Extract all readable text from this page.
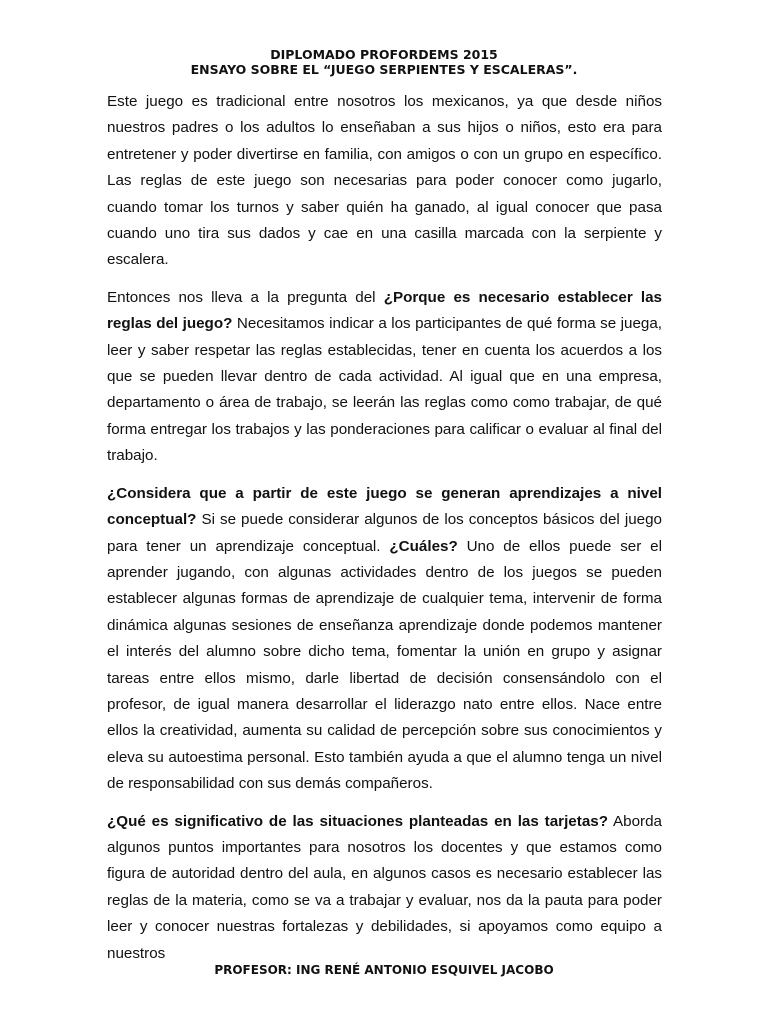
DIPLOMADO PROFORDEMS 2015
ENSAYO SOBRE EL “JUEGO SERPIENTES Y ESCALERAS”.

Este juego es tradicional entre nosotros los mexicanos, ya que desde niños nuestros padres o los adultos lo enseñaban a sus hijos o niños, esto era para entretener y poder divertirse en familia, con amigos o con un grupo en específico. Las reglas de este juego son necesarias para poder conocer como jugarlo, cuando tomar los turnos y saber quién ha ganado, al igual conocer que pasa cuando uno tira sus dados y cae en una casilla marcada con la serpiente y escalera.

Entonces nos lleva a la pregunta del ¿Porque es necesario establecer las reglas del juego? Necesitamos indicar a los participantes de qué forma se juega, leer y saber respetar las reglas establecidas, tener en cuenta los acuerdos a los que se pueden llevar dentro de cada actividad. Al igual que en una empresa, departamento o área de trabajo, se leerán las reglas como como trabajar, de qué forma entregar los trabajos y las ponderaciones para calificar o evaluar al final del trabajo.

¿Considera que a partir de este juego se generan aprendizajes a nivel conceptual? Si se puede considerar algunos de los conceptos básicos del juego para tener un aprendizaje conceptual. ¿Cuáles? Uno de ellos puede ser el aprender jugando, con algunas actividades dentro de los juegos se pueden establecer algunas formas de aprendizaje de cualquier tema, intervenir de forma dinámica algunas sesiones de enseñanza aprendizaje donde podemos mantener el interés del alumno sobre dicho tema, fomentar la unión en grupo y asignar tareas entre ellos mismo, darle libertad de decisión consensándolo con el profesor, de igual manera desarrollar el liderazgo nato entre ellos. Nace entre ellos la creatividad, aumenta su calidad de percepción sobre sus conocimientos y eleva su autoestima personal. Esto también ayuda a que el alumno tenga un nivel de responsabilidad con sus demás compañeros.

¿Qué es significativo de las situaciones planteadas en las tarjetas? Aborda algunos puntos importantes para nosotros los docentes y que estamos como figura de autoridad dentro del aula, en algunos casos es necesario establecer las reglas de la materia, como se va a trabajar y evaluar, nos da la pauta para poder leer y conocer nuestras fortalezas y debilidades, si apoyamos como equipo a nuestros

PROFESOR: ING RENÉ ANTONIO ESQUIVEL JACOBO
